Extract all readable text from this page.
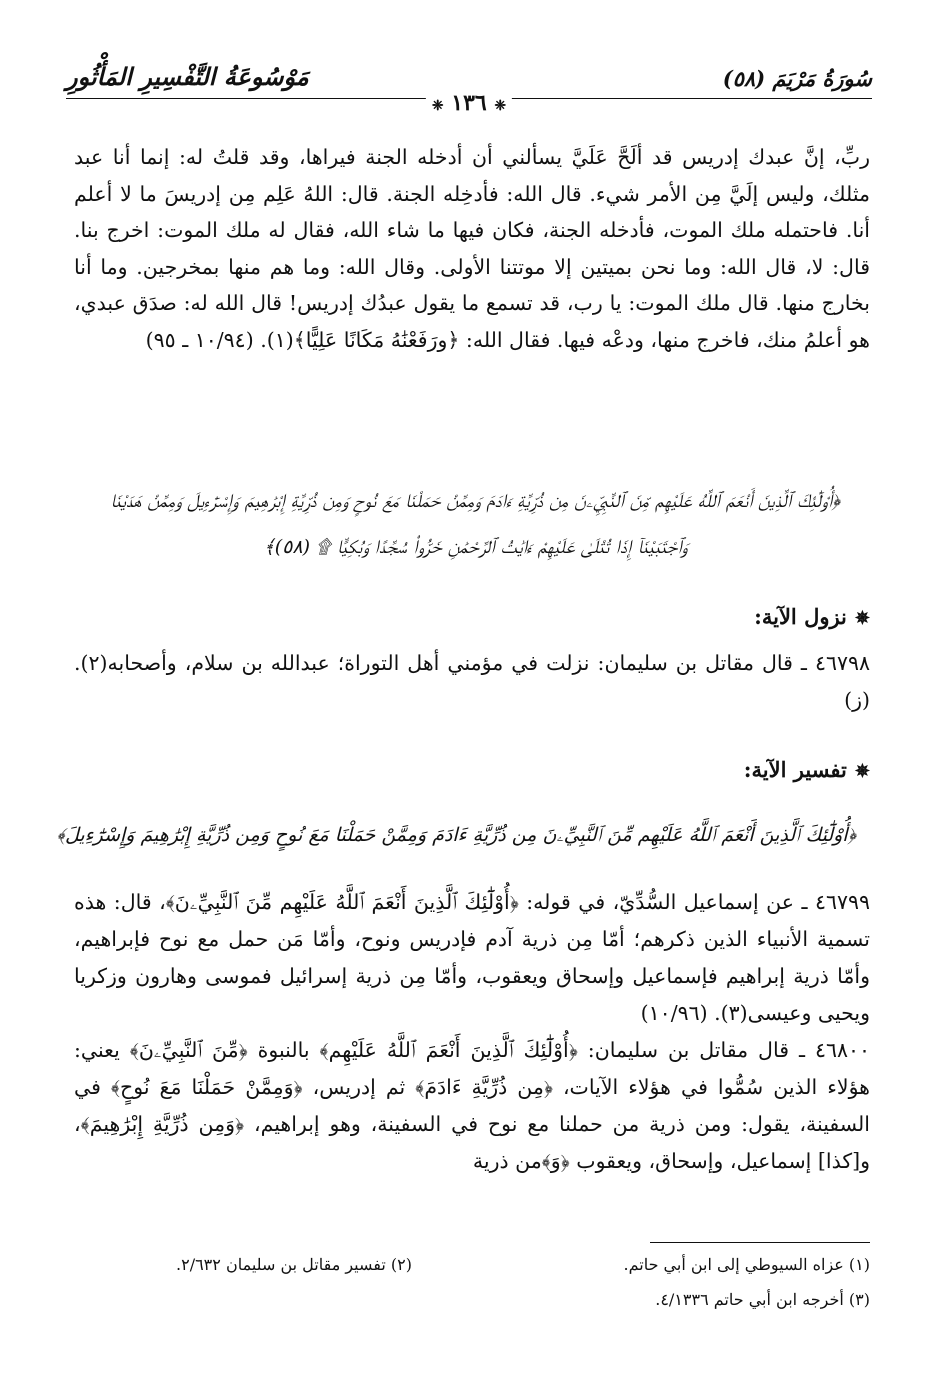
سُورَةُ مَرْيَمَ (٥٨)
مَوْسُوعَةُ التَّفْسِيرِ المَأْثُورِ
❈ ١٣٦ ❈

ربِّ، إنَّ عبدك إدريس قد ألَحَّ عَلَيَّ يسألني أن أدخله الجنة فيراها، وقد قلتُ له: إنما أنا عبد مثلك، وليس إلَيَّ مِن الأمر شيء. قال الله: فأدخِله الجنة. قال: اللهُ عَلِم مِن إدريسَ ما لا أعلم أنا. فاحتمله ملك الموت، فأدخله الجنة، فكان فيها ما شاء الله، فقال له ملك الموت: اخرج بنا. قال: لا، قال الله: وما نحن بميتين إلا موتتنا الأولى. وقال الله: وما هم منها بمخرجين. وما أنا بخارج منها. قال ملك الموت: يا رب، قد تسمع ما يقول عبدُك إدريس! قال الله له: صدَق عبدي، هو أعلمُ منك، فاخرج منها، ودعْه فيها. فقال الله: ﴿ورَفَعْنَٰهُ مَكَانًا عَلِيًّا﴾(١). (١٠/٩٤ ـ ٩٥)

﴿أُوْلَٰٓئِكَ ٱلَّذِينَ أَنْعَمَ ٱللَّهُ عَلَيْهِم مِّنَ ٱلنَّبِيِّۦنَ مِن ذُرِّيَّةِ ءَادَمَ وَمِمَّنْ حَمَلْنَا مَعَ نُوحٍ وَمِن ذُرِّيَّةِ إِبْرَٰهِيمَ وَإِسْرَٰٓءِيلَ وَمِمَّنْ هَدَيْنَا وَٱجْتَبَيْنَآ إِذَا تُتْلَىٰ عَلَيْهِمْ ءَايَٰتُ ٱلرَّحْمَٰنِ خَرُّوا۟ سُجَّدًا وَبُكِيًّا ۩ (٥٨)﴾
✵نزول الآية:

٤٦٧٩٨ ـ قال مقاتل بن سليمان: نزلت في مؤمني أهل التوراة؛ عبدالله بن سلام، وأصحابه(٢). (ز)

✵تفسير الآية:
﴿أُوْلَٰٓئِكَ ٱلَّذِينَ أَنْعَمَ ٱللَّهُ عَلَيْهِم مِّنَ ٱلنَّبِيِّۦنَ مِن ذُرِّيَّةِ ءَادَمَ وَمِمَّنْ حَمَلْنَا مَعَ نُوحٍ وَمِن ذُرِّيَّةِ إِبْرَٰهِيمَ وَإِسْرَٰٓءِيلَ﴾

٤٦٧٩٩ ـ عن إسماعيل السُّدِّيّ، في قوله: ﴿أُوْلَٰٓئِكَ ٱلَّذِينَ أَنْعَمَ ٱللَّهُ عَلَيْهِم مِّنَ ٱلنَّبِيِّۦنَ﴾، قال: هذه تسمية الأنبياء الذين ذكرهم؛ أمّا مِن ذرية آدم فإدريس ونوح، وأمّا مَن حمل مع نوح فإبراهيم، وأمّا ذرية إبراهيم فإسماعيل وإسحاق ويعقوب، وأمّا مِن ذرية إسرائيل فموسى وهارون وزكريا ويحيى وعيسى(٣). (١٠/٩٦)

٤٦٨٠٠ ـ قال مقاتل بن سليمان: ﴿أُوْلَٰٓئِكَ ٱلَّذِينَ أَنْعَمَ ٱللَّهُ عَلَيْهِم﴾ بالنبوة ﴿مِّنَ ٱلنَّبِيِّۦنَ﴾ يعني: هؤلاء الذين سُمُّوا في هؤلاء الآيات، ﴿مِن ذُرِّيَّةِ ءَادَمَ﴾ ثم إدريس، ﴿وَمِمَّنْ حَمَلْنَا مَعَ نُوحٍ﴾ في السفينة، يقول: ومن ذرية من حملنا مع نوح في السفينة، وهو إبراهيم، ﴿وَمِن ذُرِّيَّةِ إِبْرَٰهِيمَ﴾، و[كذا] إسماعيل، وإسحاق، ويعقوب ﴿وَ﴾من ذرية

(١) عزاه السيوطي إلى ابن أبي حاتم.
(٢) تفسير مقاتل بن سليمان ٢/٦٣٢.
(٣) أخرجه ابن أبي حاتم ٤/١٣٣٦.
